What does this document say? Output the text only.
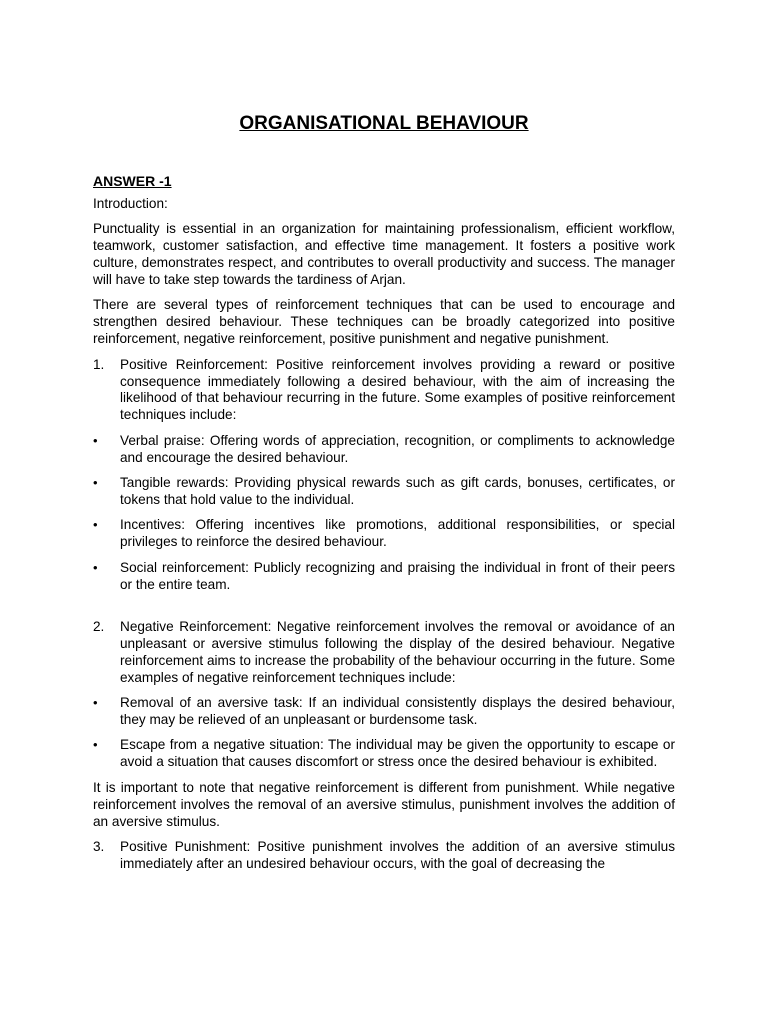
ORGANISATIONAL BEHAVIOUR
ANSWER -1

Introduction:

Punctuality is essential in an organization for maintaining professionalism, efficient workflow, teamwork, customer satisfaction, and effective time management. It fosters a positive work culture, demonstrates respect, and contributes to overall productivity and success. The manager will have to take step towards the tardiness of Arjan.

There are several types of reinforcement techniques that can be used to encourage and strengthen desired behaviour. These techniques can be broadly categorized into positive reinforcement, negative reinforcement, positive punishment and negative punishment.

1.	Positive Reinforcement: Positive reinforcement involves providing a reward or positive consequence immediately following a desired behaviour, with the aim of increasing the likelihood of that behaviour recurring in the future. Some examples of positive reinforcement techniques include:
•	Verbal praise: Offering words of appreciation, recognition, or compliments to acknowledge and encourage the desired behaviour.
•	Tangible rewards: Providing physical rewards such as gift cards, bonuses, certificates, or tokens that hold value to the individual.
•	Incentives: Offering incentives like promotions, additional responsibilities, or special privileges to reinforce the desired behaviour.
•	Social reinforcement: Publicly recognizing and praising the individual in front of their peers or the entire team.
2.	Negative Reinforcement: Negative reinforcement involves the removal or avoidance of an unpleasant or aversive stimulus following the display of the desired behaviour. Negative reinforcement aims to increase the probability of the behaviour occurring in the future. Some examples of negative reinforcement techniques include:
•	Removal of an aversive task: If an individual consistently displays the desired behaviour, they may be relieved of an unpleasant or burdensome task.
•	Escape from a negative situation: The individual may be given the opportunity to escape or avoid a situation that causes discomfort or stress once the desired behaviour is exhibited.

It is important to note that negative reinforcement is different from punishment. While negative reinforcement involves the removal of an aversive stimulus, punishment involves the addition of an aversive stimulus.

3.	Positive Punishment: Positive punishment involves the addition of an aversive stimulus immediately after an undesired behaviour occurs, with the goal of decreasing the
